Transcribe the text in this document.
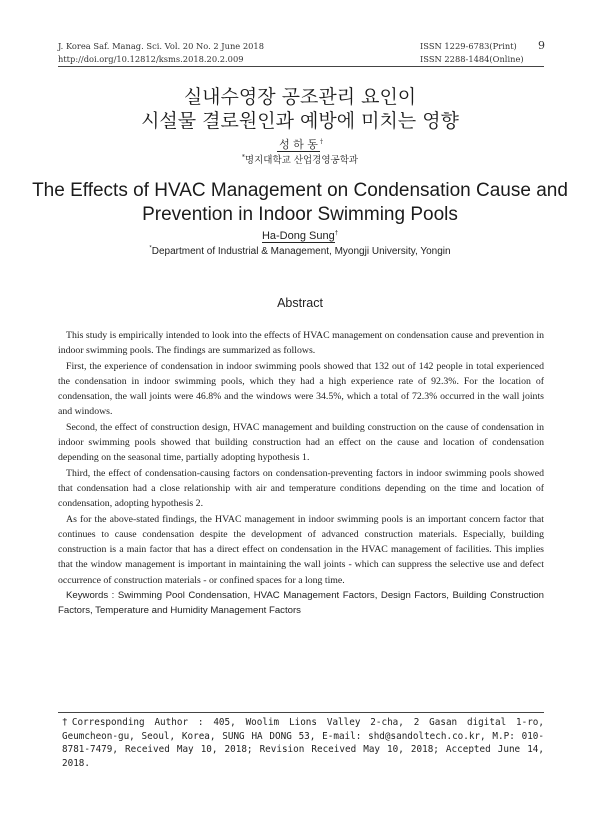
J. Korea Saf. Manag. Sci. Vol. 20 No. 2 June 2018
http://doi.org/10.12812/ksms.2018.20.2.009
ISSN 1229-6783(Print)
ISSN 2288-1484(Online)
9
실내수영장 공조관리 요인이
시설물 결로원인과 예방에 미치는 영향
성 하 동 †
*명지대학교 산업경영공학과
The Effects of HVAC Management on Condensation Cause and
Prevention in Indoor Swimming Pools
Ha-Dong Sung†
*Department of Industrial & Management, Myongji University, Yongin
Abstract

This study is empirically intended to look into the effects of HVAC management on condensation cause and prevention in indoor swimming pools. The findings are summarized as follows.

First, the experience of condensation in indoor swimming pools showed that 132 out of 142 people in total experienced the condensation in indoor swimming pools, which they had a high experience rate of 92.3%. For the location of condensation, the wall joints were 46.8% and the windows were 34.5%, which a total of 72.3% occurred in the wall joints and windows.

Second, the effect of construction design, HVAC management and building construction on the cause of condensation in indoor swimming pools showed that building construction had an effect on the cause and location of condensation depending on the seasonal time, partially adopting hypothesis 1.

Third, the effect of condensation-causing factors on condensation-preventing factors in indoor swimming pools showed that condensation had a close relationship with air and temperature conditions depending on the time and location of condensation, adopting hypothesis 2.

As for the above-stated findings, the HVAC management in indoor swimming pools is an important concern factor that continues to cause condensation despite the development of advanced construction materials. Especially, building construction is a main factor that has a direct effect on condensation in the HVAC management of facilities. This implies that the window management is important in maintaining the wall joints - which can suppress the selective use and defect occurrence of construction materials - or confined spaces for a long time.

Keywords : Swimming Pool Condensation, HVAC Management Factors, Design Factors, Building Construction Factors, Temperature and Humidity Management Factors

†Corresponding Author : 405, Woolim Lions Valley 2-cha, 2 Gasan digital 1-ro, Geumcheon-gu, Seoul, Korea, SUNG HA DONG 53, E-mail: shd@sandoltech.co.kr, M.P: 010-8781-7479, Received May 10, 2018; Revision Received May 10, 2018; Accepted June 14, 2018.
